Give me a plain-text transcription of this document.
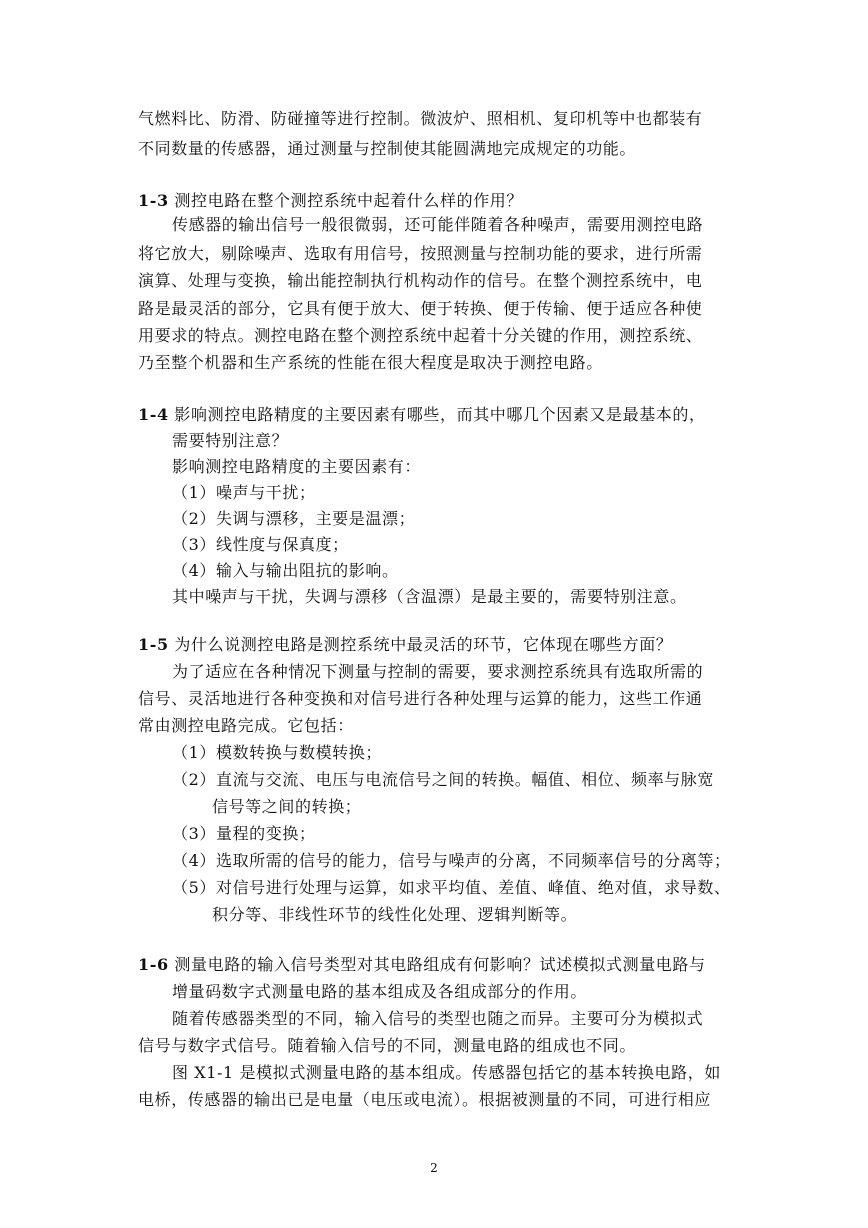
气燃料比、防滑、防碰撞等进行控制。微波炉、照相机、复印机等中也都装有
不同数量的传感器，通过测量与控制使其能圆满地完成规定的功能。
1-3 测控电路在整个测控系统中起着什么样的作用？
传感器的输出信号一般很微弱，还可能伴随着各种噪声，需要用测控电路
将它放大，剔除噪声、选取有用信号，按照测量与控制功能的要求，进行所需
演算、处理与变换，输出能控制执行机构动作的信号。在整个测控系统中，电
路是最灵活的部分，它具有便于放大、便于转换、便于传输、便于适应各种使
用要求的特点。测控电路在整个测控系统中起着十分关键的作用，测控系统、
乃至整个机器和生产系统的性能在很大程度是取决于测控电路。
1-4 影响测控电路精度的主要因素有哪些，而其中哪几个因素又是最基本的，
需要特别注意？
影响测控电路精度的主要因素有：
（1）噪声与干扰；
（2）失调与漂移，主要是温漂；
（3）线性度与保真度；
（4）输入与输出阻抗的影响。
其中噪声与干扰，失调与漂移（含温漂）是最主要的，需要特别注意。
1-5 为什么说测控电路是测控系统中最灵活的环节，它体现在哪些方面？
为了适应在各种情况下测量与控制的需要，要求测控系统具有选取所需的
信号、灵活地进行各种变换和对信号进行各种处理与运算的能力，这些工作通
常由测控电路完成。它包括：
（1）模数转换与数模转换；
（2）直流与交流、电压与电流信号之间的转换。幅值、相位、频率与脉宽
信号等之间的转换；
（3）量程的变换；
（4）选取所需的信号的能力，信号与噪声的分离，不同频率信号的分离等；
（5）对信号进行处理与运算，如求平均值、差值、峰值、绝对值，求导数、
积分等、非线性环节的线性化处理、逻辑判断等。
1-6 测量电路的输入信号类型对其电路组成有何影响？试述模拟式测量电路与
增量码数字式测量电路的基本组成及各组成部分的作用。
随着传感器类型的不同，输入信号的类型也随之而异。主要可分为模拟式
信号与数字式信号。随着输入信号的不同，测量电路的组成也不同。
图 X1-1 是模拟式测量电路的基本组成。传感器包括它的基本转换电路，如
电桥，传感器的输出已是电量（电压或电流）。根据被测量的不同，可进行相应
2
